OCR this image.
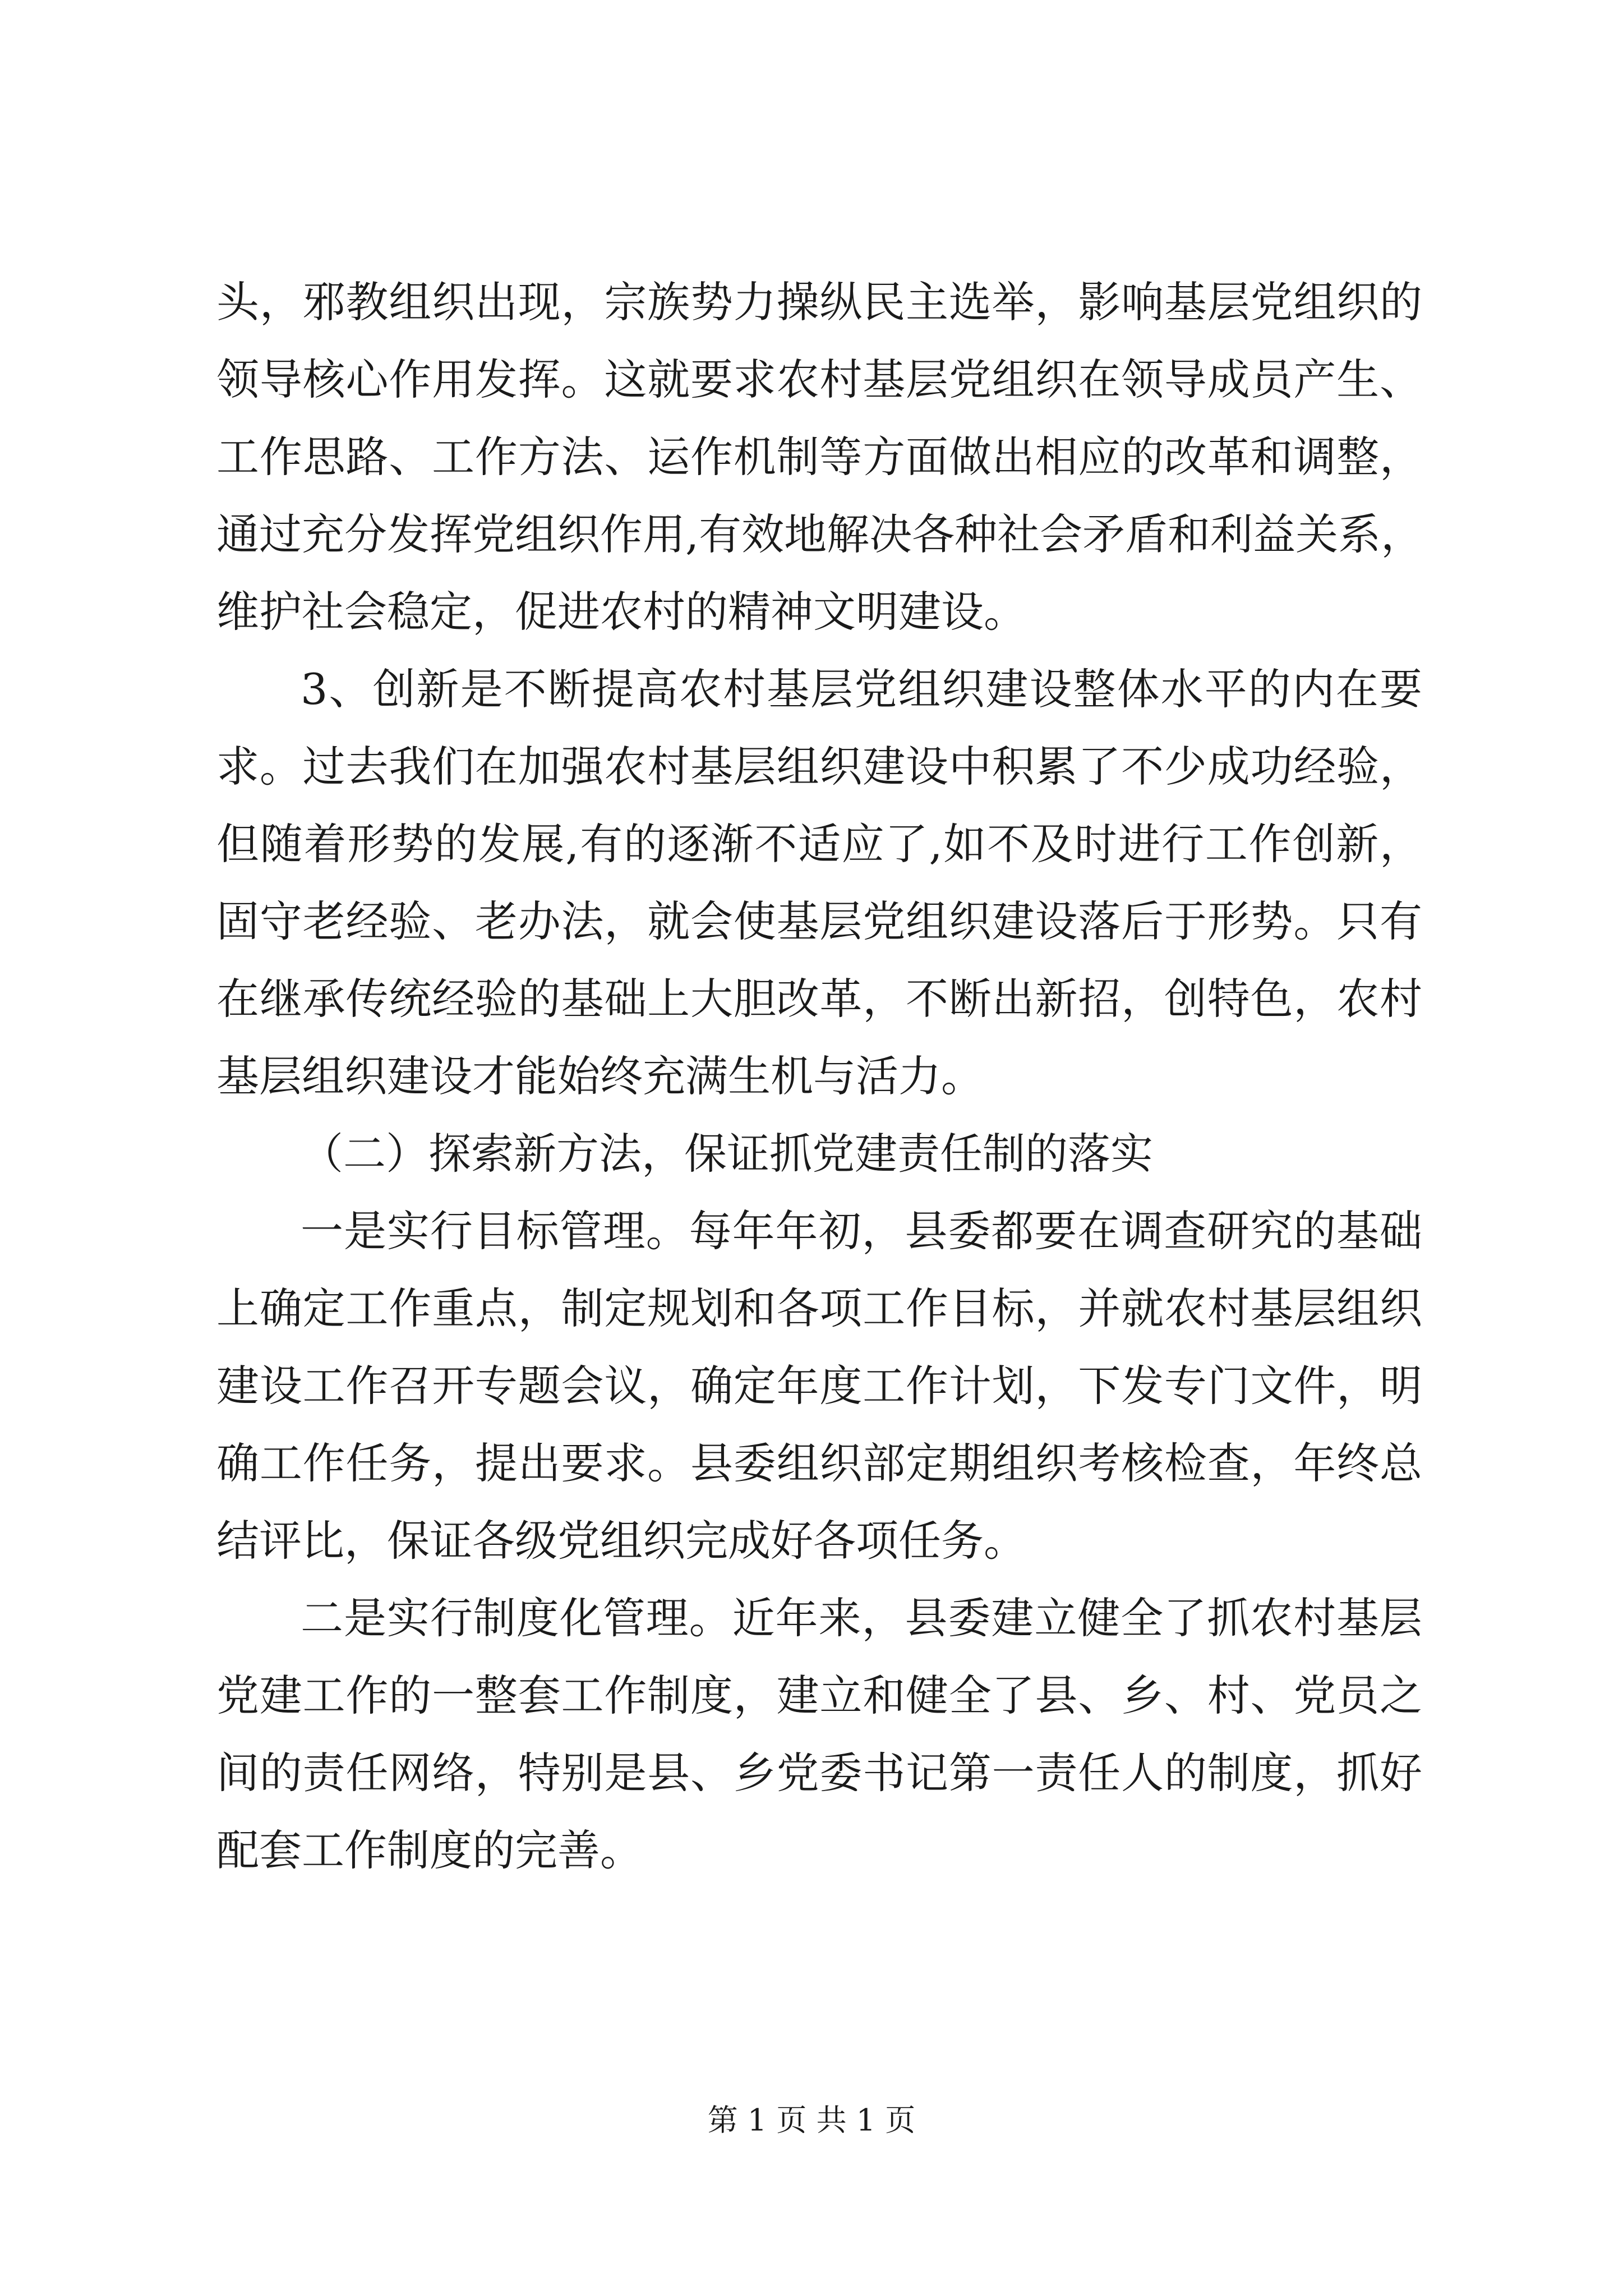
头，邪教组织出现，宗族势力操纵民主选举，影响基层党组织的
领导核心作用发挥。这就要求农村基层党组织在领导成员产生、
工作思路、工作方法、运作机制等方面做出相应的改革和调整，
通过充分发挥党组织作用,有效地解决各种社会矛盾和利益关系，
维护社会稳定，促进农村的精神文明建设。
3、创新是不断提高农村基层党组织建设整体水平的内在要
求。过去我们在加强农村基层组织建设中积累了不少成功经验，
但随着形势的发展,有的逐渐不适应了,如不及时进行工作创新，
固守老经验、老办法，就会使基层党组织建设落后于形势。只有
在继承传统经验的基础上大胆改革，不断出新招，创特色，农村
基层组织建设才能始终充满生机与活力。
（二）探索新方法，保证抓党建责任制的落实
一是实行目标管理。每年年初，县委都要在调查研究的基础
上确定工作重点，制定规划和各项工作目标，并就农村基层组织
建设工作召开专题会议，确定年度工作计划，下发专门文件，明
确工作任务，提出要求。县委组织部定期组织考核检查，年终总
结评比，保证各级党组织完成好各项任务。
二是实行制度化管理。近年来，县委建立健全了抓农村基层
党建工作的一整套工作制度，建立和健全了县、乡、村、党员之
间的责任网络，特别是县、乡党委书记第一责任人的制度，抓好
配套工作制度的完善。
第 1 页 共 1 页
